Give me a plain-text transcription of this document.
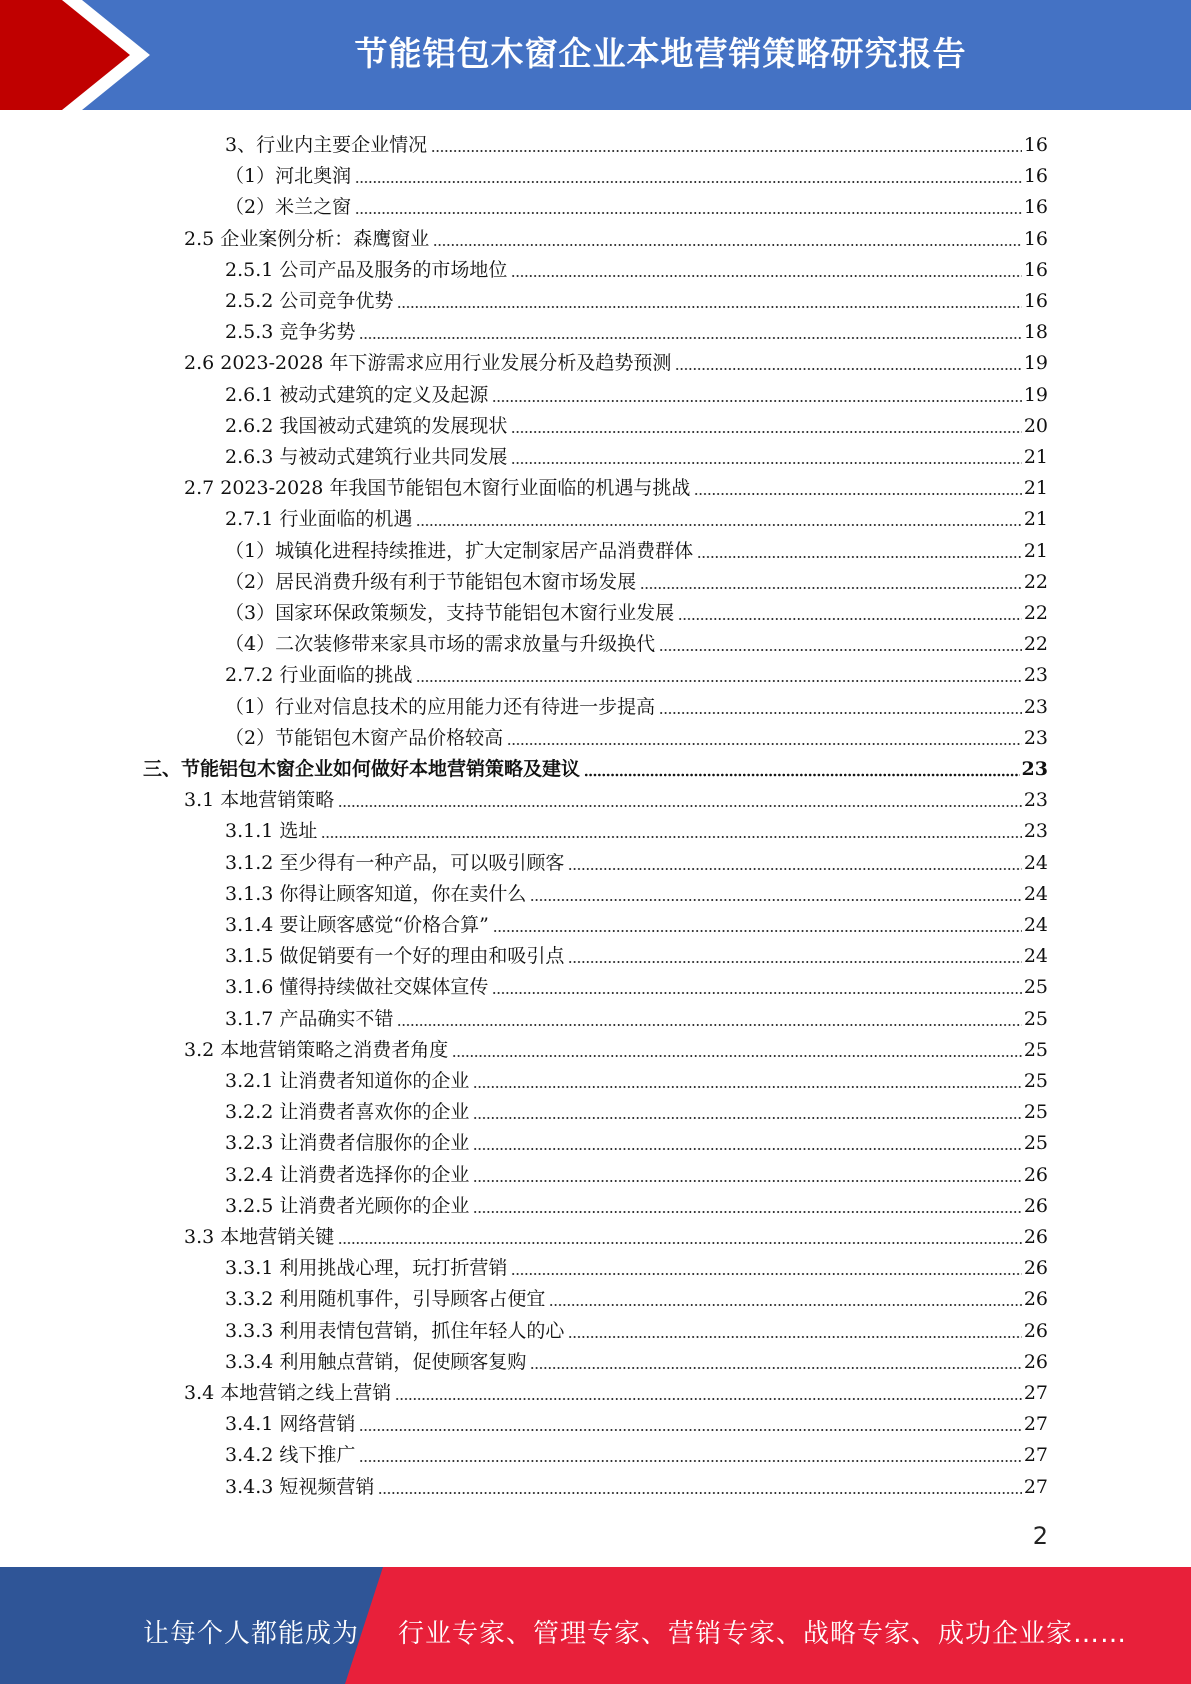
节能铝包木窗企业本地营销策略研究报告
3、行业内主要企业情况	16
（1）河北奥润	16
（2）米兰之窗	16
2.5 企业案例分析：森鹰窗业	16
2.5.1 公司产品及服务的市场地位	16
2.5.2 公司竞争优势	16
2.5.3 竞争劣势	18
2.6 2023-2028 年下游需求应用行业发展分析及趋势预测	19
2.6.1 被动式建筑的定义及起源	19
2.6.2 我国被动式建筑的发展现状	20
2.6.3 与被动式建筑行业共同发展	21
2.7 2023-2028 年我国节能铝包木窗行业面临的机遇与挑战	21
2.7.1 行业面临的机遇	21
（1）城镇化进程持续推进，扩大定制家居产品消费群体	21
（2）居民消费升级有利于节能铝包木窗市场发展	22
（3）国家环保政策频发，支持节能铝包木窗行业发展	22
（4）二次装修带来家具市场的需求放量与升级换代	22
2.7.2 行业面临的挑战	23
（1）行业对信息技术的应用能力还有待进一步提高	23
（2）节能铝包木窗产品价格较高	23
三、节能铝包木窗企业如何做好本地营销策略及建议	23
3.1 本地营销策略	23
3.1.1 选址	23
3.1.2 至少得有一种产品，可以吸引顾客	24
3.1.3 你得让顾客知道，你在卖什么	24
3.1.4 要让顾客感觉“价格合算”	24
3.1.5 做促销要有一个好的理由和吸引点	24
3.1.6 懂得持续做社交媒体宣传	25
3.1.7 产品确实不错	25
3.2 本地营销策略之消费者角度	25
3.2.1 让消费者知道你的企业	25
3.2.2 让消费者喜欢你的企业	25
3.2.3 让消费者信服你的企业	25
3.2.4 让消费者选择你的企业	26
3.2.5 让消费者光顾你的企业	26
3.3 本地营销关键	26
3.3.1 利用挑战心理，玩打折营销	26
3.3.2 利用随机事件，引导顾客占便宜	26
3.3.3 利用表情包营销，抓住年轻人的心	26
3.3.4 利用触点营销，促使顾客复购	26
3.4 本地营销之线上营销	27
3.4.1 网络营销	27
3.4.2 线下推广	27
3.4.3 短视频营销	27
2
让每个人都能成为 行业专家、管理专家、营销专家、战略专家、成功企业家……
